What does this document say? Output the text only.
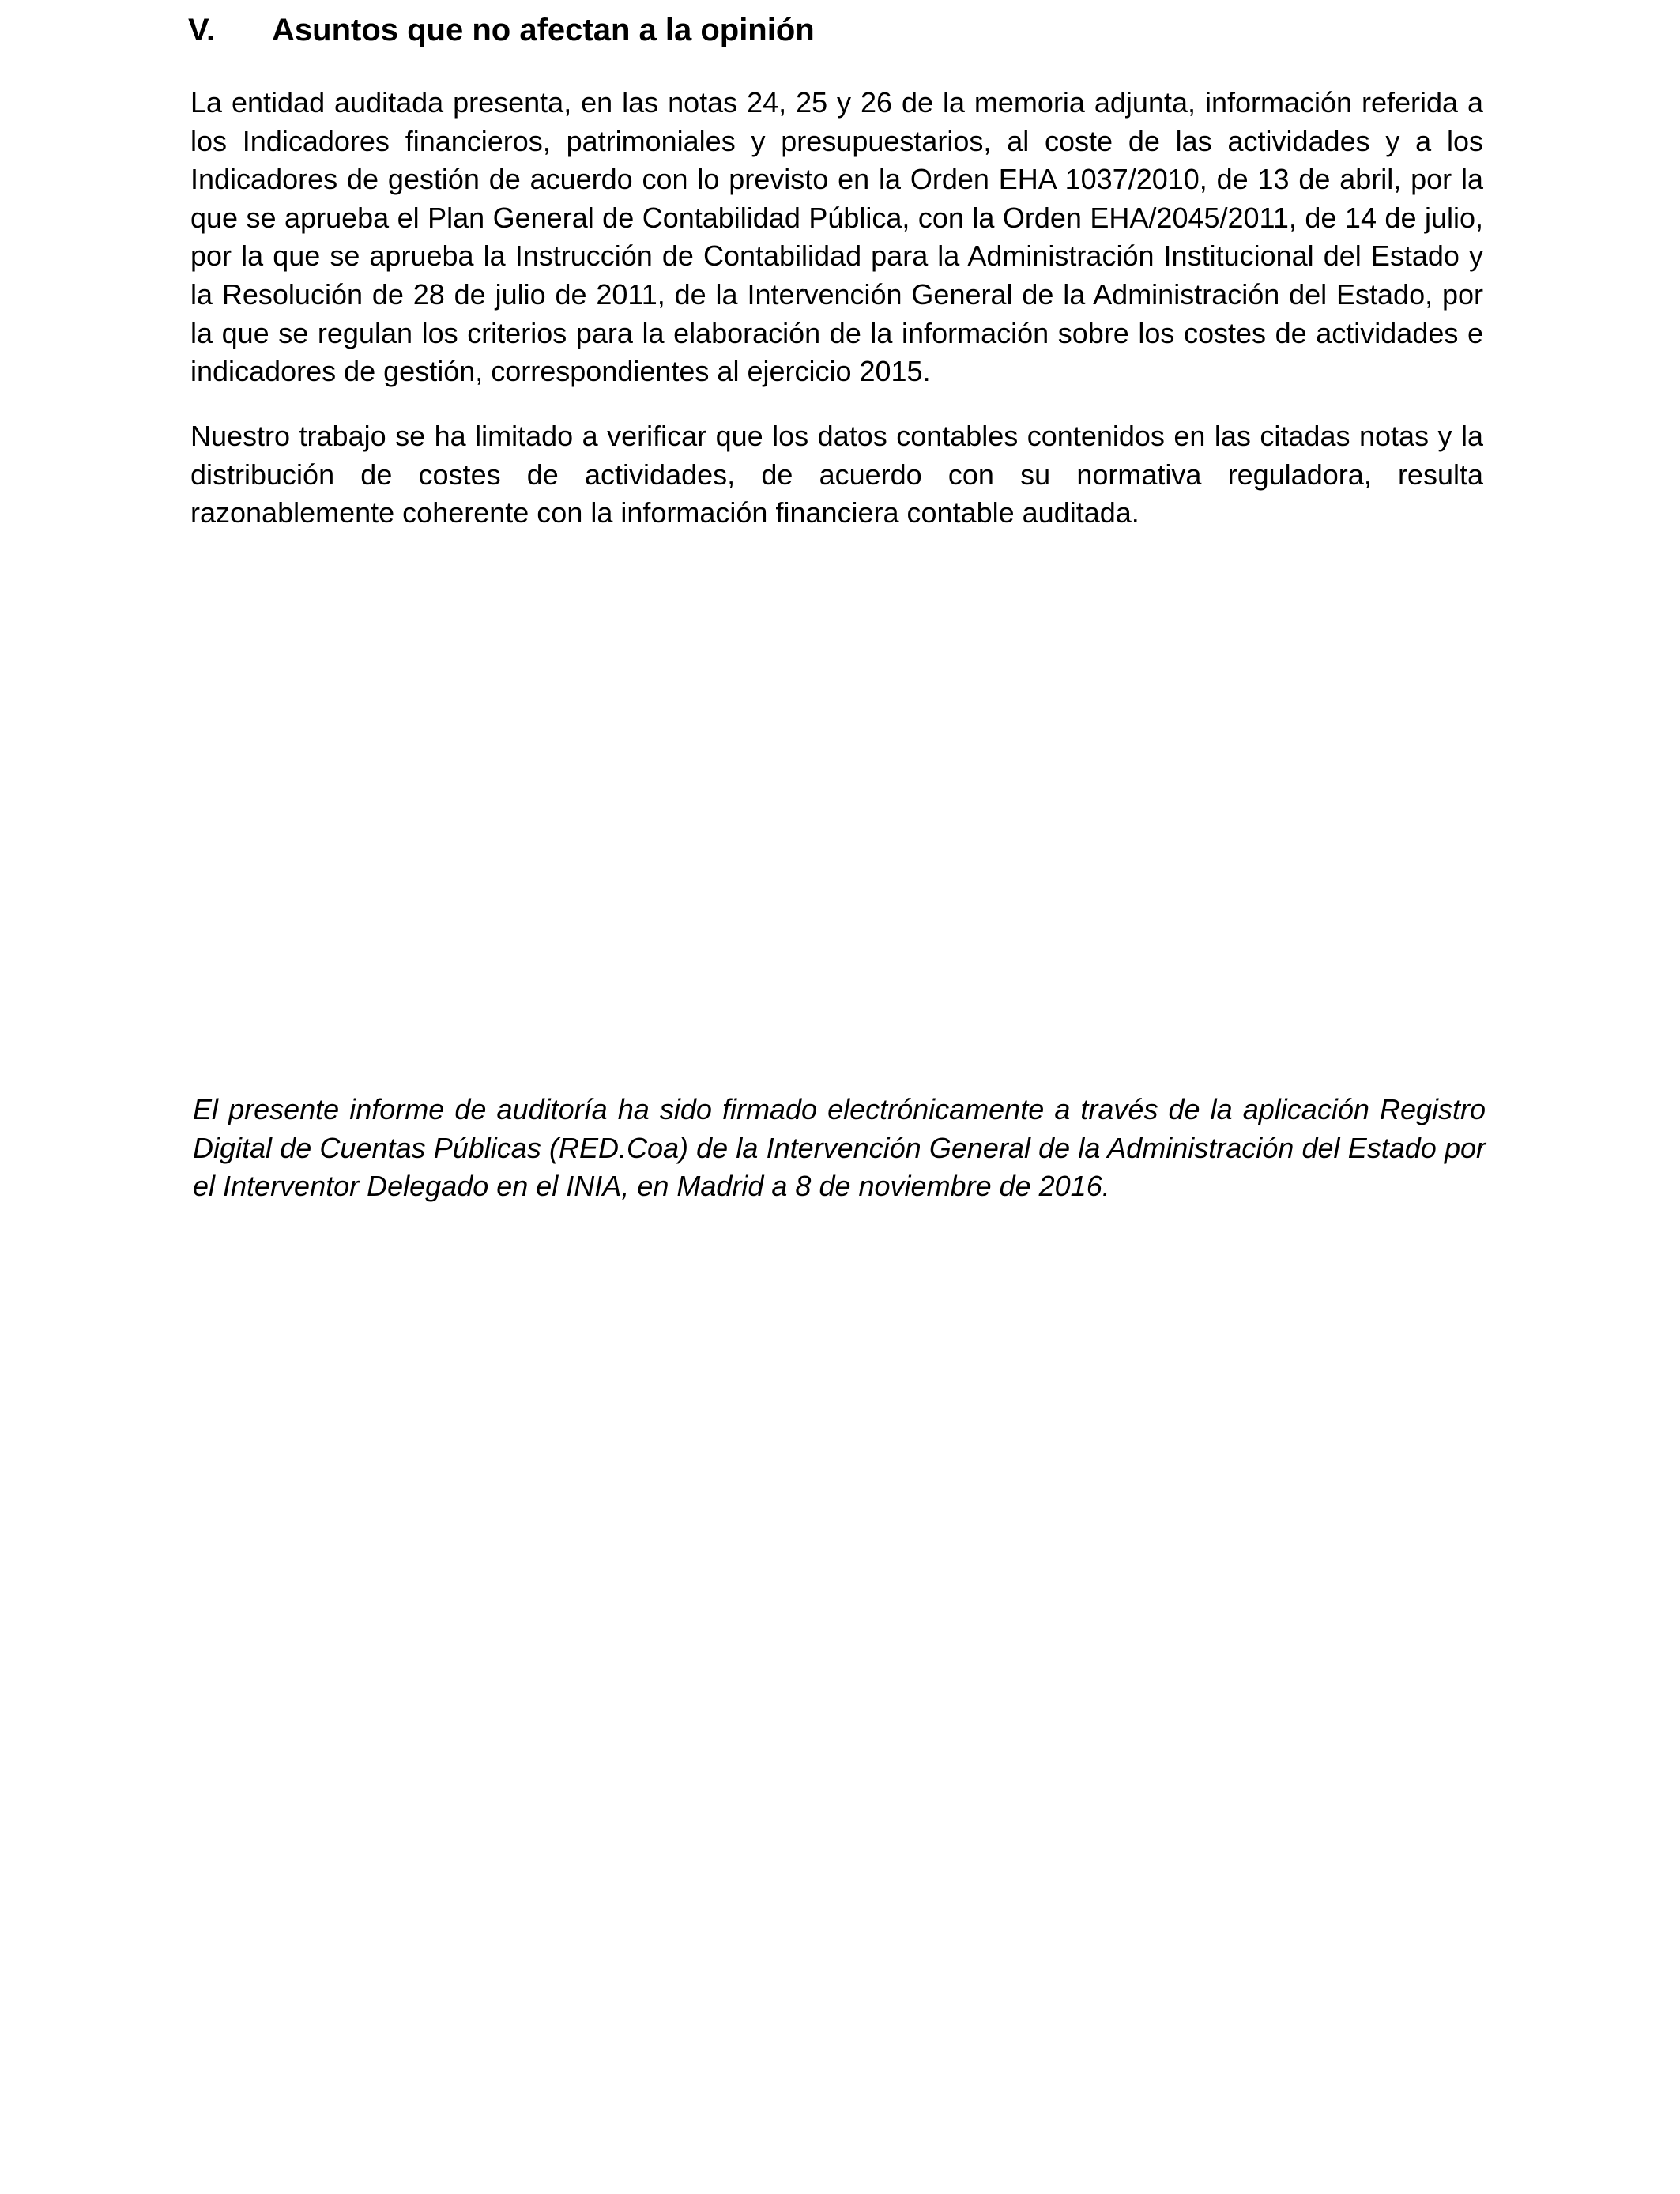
V. Asuntos que no afectan a la opinión

La entidad auditada presenta, en las notas 24, 25 y 26 de la memoria adjunta, información referida a los Indicadores financieros, patrimoniales y presupuestarios, al coste de las actividades y a los Indicadores de gestión de acuerdo con lo previsto en la Orden EHA 1037/2010, de 13 de abril, por la que se aprueba el Plan General de Contabilidad Pública, con la Orden EHA/2045/2011, de 14 de julio, por la que se aprueba la Instrucción de Contabilidad para la Administración Institucional del Estado y la Resolución de 28 de julio de 2011, de la Intervención General de la Administración del Estado, por la que se regulan los criterios para la elaboración de la información sobre los costes de actividades e indicadores de gestión, correspondientes al ejercicio 2015.

Nuestro trabajo se ha limitado a verificar que los datos contables contenidos en las citadas notas y la distribución de costes de actividades, de acuerdo con su normativa reguladora, resulta razonablemente coherente con la información financiera contable auditada.

El presente informe de auditoría ha sido firmado electrónicamente a través de la aplicación Registro Digital de Cuentas Públicas (RED.Coa) de la Intervención General de la Administración del Estado por el Interventor Delegado en el INIA, en Madrid a 8 de noviembre de 2016.
